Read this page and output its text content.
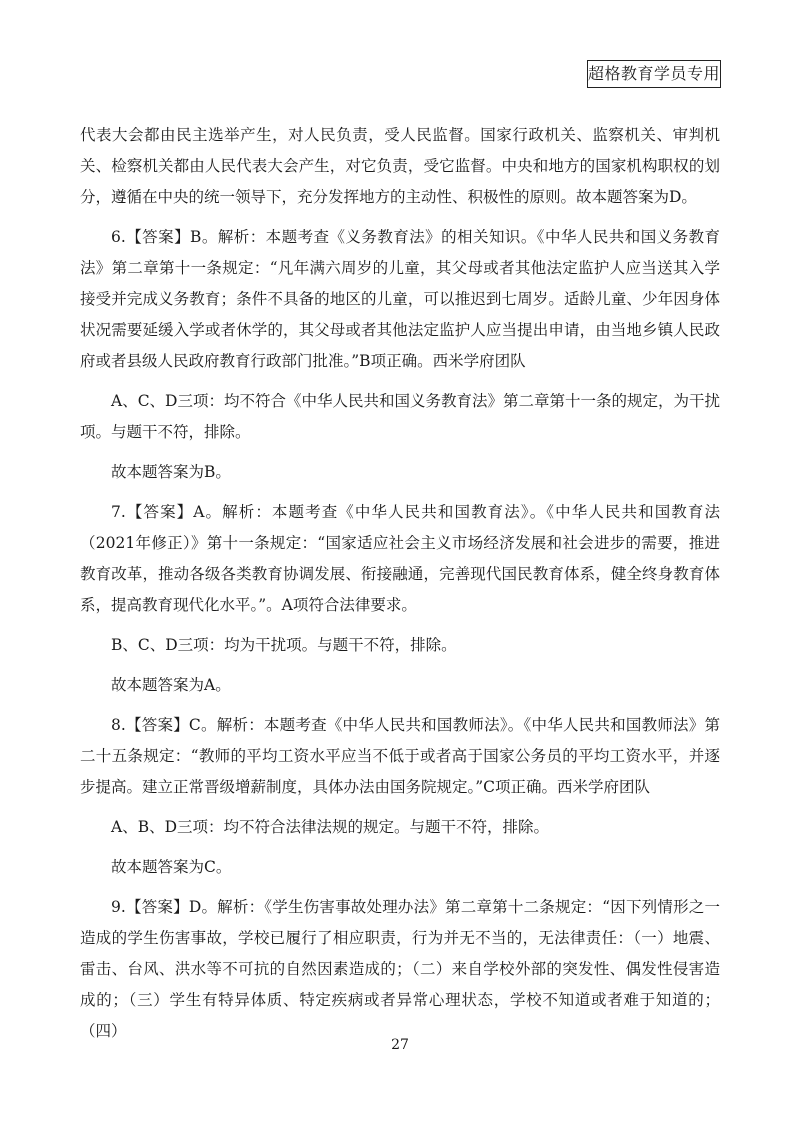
超格教育学员专用

代表大会都由民主选举产生，对人民负责，受人民监督。国家行政机关、监察机关、审判机关、检察机关都由人民代表大会产生，对它负责，受它监督。中央和地方的国家机构职权的划分，遵循在中央的统一领导下，充分发挥地方的主动性、积极性的原则。故本题答案为D。

6.【答案】B。解析：本题考查《义务教育法》的相关知识。《中华人民共和国义务教育法》第二章第十一条规定：“凡年满六周岁的儿童，其父母或者其他法定监护人应当送其入学接受并完成义务教育；条件不具备的地区的儿童，可以推迟到七周岁。适龄儿童、少年因身体状况需要延缓入学或者休学的，其父母或者其他法定监护人应当提出申请，由当地乡镇人民政府或者县级人民政府教育行政部门批准。”B项正确。西米学府团队

A、C、D三项：均不符合《中华人民共和国义务教育法》第二章第十一条的规定，为干扰项。与题干不符，排除。

故本题答案为B。

7.【答案】A。解析：本题考查《中华人民共和国教育法》。《中华人民共和国教育法（2021年修正）》第十一条规定：“国家适应社会主义市场经济发展和社会进步的需要，推进教育改革，推动各级各类教育协调发展、衔接融通，完善现代国民教育体系，健全终身教育体系，提高教育现代化水平。”。A项符合法律要求。

B、C、D三项：均为干扰项。与题干不符，排除。

故本题答案为A。

8.【答案】C。解析：本题考查《中华人民共和国教师法》。《中华人民共和国教师法》第二十五条规定：“教师的平均工资水平应当不低于或者高于国家公务员的平均工资水平，并逐步提高。建立正常晋级增薪制度，具体办法由国务院规定。”C项正确。西米学府团队

A、B、D三项：均不符合法律法规的规定。与题干不符，排除。

故本题答案为C。

9.【答案】D。解析：《学生伤害事故处理办法》第二章第十二条规定：“因下列情形之一造成的学生伤害事故，学校已履行了相应职责，行为并无不当的，无法律责任：（一）地震、雷击、台风、洪水等不可抗的自然因素造成的；（二）来自学校外部的突发性、偶发性侵害造成的；（三）学生有特异体质、特定疾病或者异常心理状态，学校不知道或者难于知道的；（四）

27
